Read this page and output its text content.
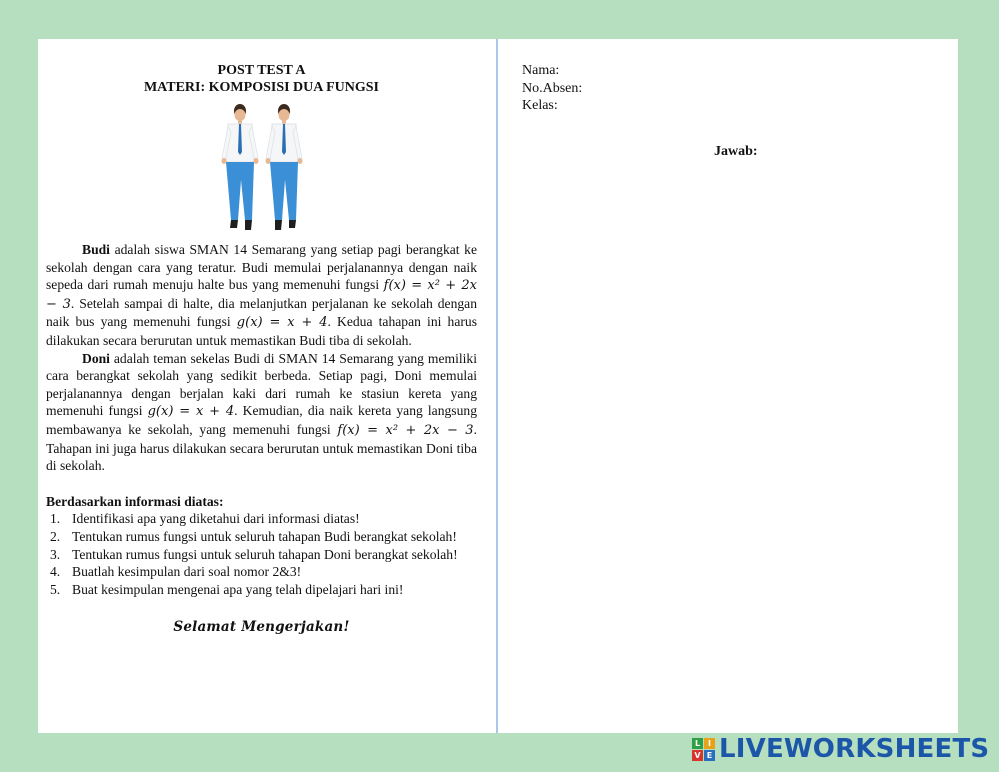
POST TEST A
MATERI: KOMPOSISI DUA FUNGSI

Budi adalah siswa SMAN 14 Semarang yang setiap pagi berangkat ke sekolah dengan cara yang teratur. Budi memulai perjalanannya dengan naik sepeda dari rumah menuju halte bus yang memenuhi fungsi f(x) = x² + 2x − 3. Setelah sampai di halte, dia melanjutkan perjalanan ke sekolah dengan naik bus yang memenuhi fungsi g(x) = x + 4. Kedua tahapan ini harus dilakukan secara berurutan untuk memastikan Budi tiba di sekolah.

Doni adalah teman sekelas Budi di SMAN 14 Semarang yang memiliki cara berangkat sekolah yang sedikit berbeda. Setiap pagi, Doni memulai perjalanannya dengan berjalan kaki dari rumah ke stasiun kereta yang memenuhi fungsi g(x) = x + 4. Kemudian, dia naik kereta yang langsung membawanya ke sekolah, yang memenuhi fungsi f(x) = x² + 2x − 3. Tahapan ini juga harus dilakukan secara berurutan untuk memastikan Doni tiba di sekolah.

Berdasarkan informasi diatas:
1. Identifikasi apa yang diketahui dari informasi diatas!
2. Tentukan rumus fungsi untuk seluruh tahapan Budi berangkat sekolah!
3. Tentukan rumus fungsi untuk seluruh tahapan Doni berangkat sekolah!
4. Buatlah kesimpulan dari soal nomor 2&3!
5. Buat kesimpulan mengenai apa yang telah dipelajari hari ini!
Selamat Mengerjakan!
Nama:
No.Absen:
Kelas:
Jawab:
L I
V E LIVEWORKSHEETS
